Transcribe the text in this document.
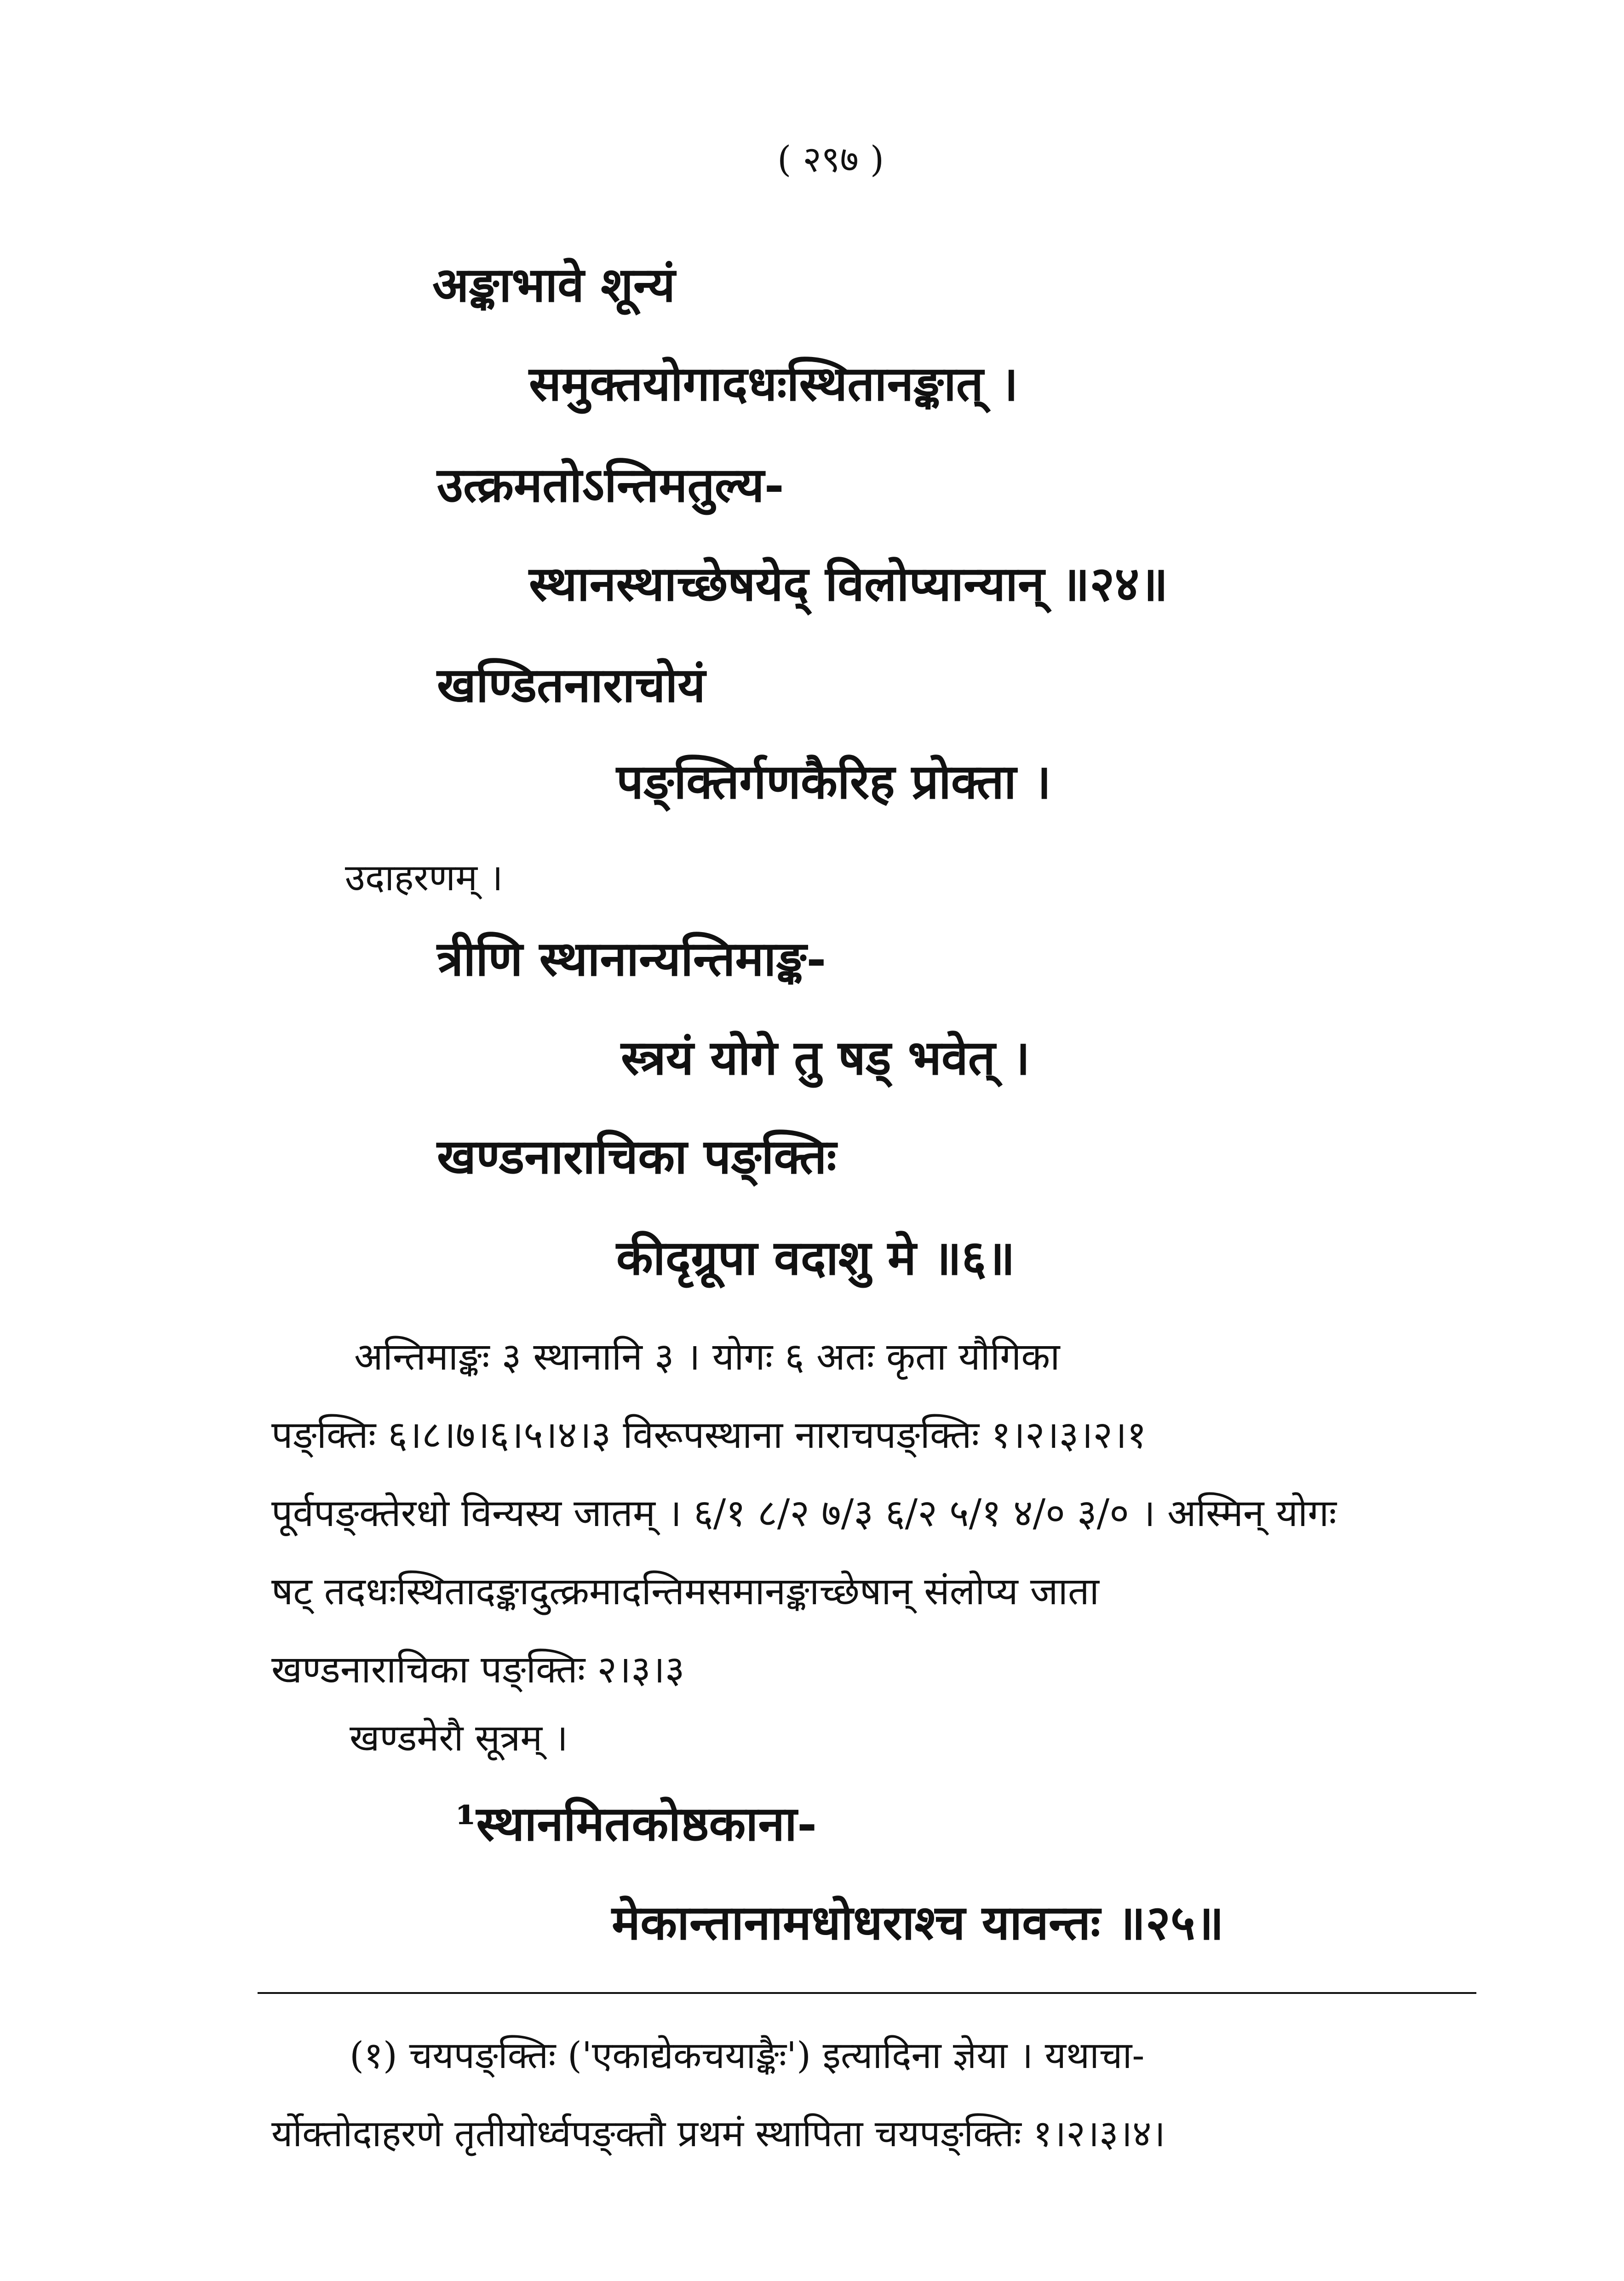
( २९७ )
अङ्काभावे शून्यं
समुक्तयोगादधःस्थितानङ्कात् ।
उत्क्रमतोऽन्तिमतुल्य-
स्थानस्थाच्छेषयेद् विलोप्यान्यान् ॥२४॥
खण्डितनाराचोयं
पङ्क्तिर्गणकैरिह प्रोक्ता ।
उदाहरणम् ।
त्रीणि स्थानान्यन्तिमाङ्क-
स्त्रयं योगे तु षड् भवेत् ।
खण्डनाराचिका पङ्क्तिः
कीदृग्रूपा वदाशु मे ॥६॥
अन्तिमाङ्कः ३ स्थानानि ३ । योगः ६ अतः कृता यौगिका
पङ्क्तिः ६।८।७।६।५।४।३ विरूपस्थाना नाराचपङ्क्तिः १।२।३।२।१
पूर्वपङ्क्तेरधो विन्यस्य जातम् । ६/१ ८/२ ७/३ ६/२ ५/१ ४/० ३/० । अस्मिन् योगः
षट् तदधःस्थितादङ्कादुत्क्रमादन्तिमसमानङ्काच्छेषान् संलोप्य जाता
खण्डनाराचिका पङ्क्तिः २।३।३
खण्डमेरौ सूत्रम् ।
¹स्थानमितकोष्ठकाना-
मेकान्तानामधोधराश्च यावन्तः ॥२५॥
(१) चयपङ्क्तिः ('एकाद्येकचयाङ्कैः') इत्यादिना ज्ञेया । यथाचा-
र्योक्तोदाहरणे तृतीयोर्ध्वपङ्क्तौ प्रथमं स्थापिता चयपङ्क्तिः १।२।३।४।
